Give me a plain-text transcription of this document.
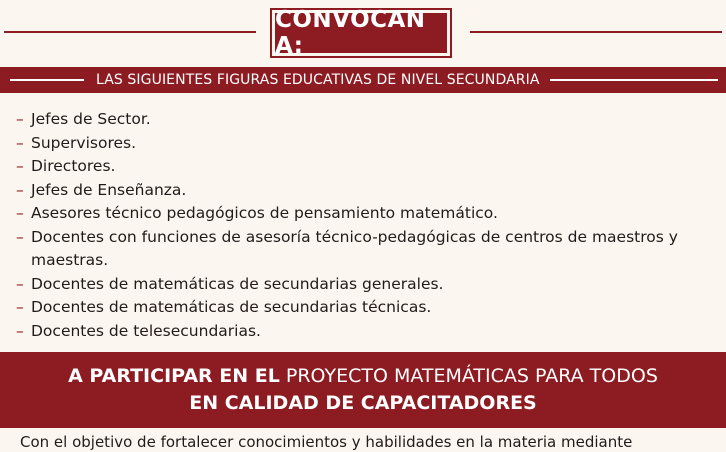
CONVOCAN A:
LAS SIGUIENTES FIGURAS EDUCATIVAS DE NIVEL SECUNDARIA
– Jefes de Sector.
– Supervisores.
– Directores.
– Jefes de Enseñanza.
– Asesores técnico pedagógicos de pensamiento matemático.
– Docentes con funciones de asesoría técnico-pedagógicas de centros de maestros y maestras.
– Docentes de matemáticas de secundarias generales.
– Docentes de matemáticas de secundarias técnicas.
– Docentes de telesecundarias.
A PARTICIPAR EN EL PROYECTO MATEMÁTICAS PARA TODOS
EN CALIDAD DE CAPACITADORES
Con el objetivo de fortalecer conocimientos y habilidades en la materia mediante
